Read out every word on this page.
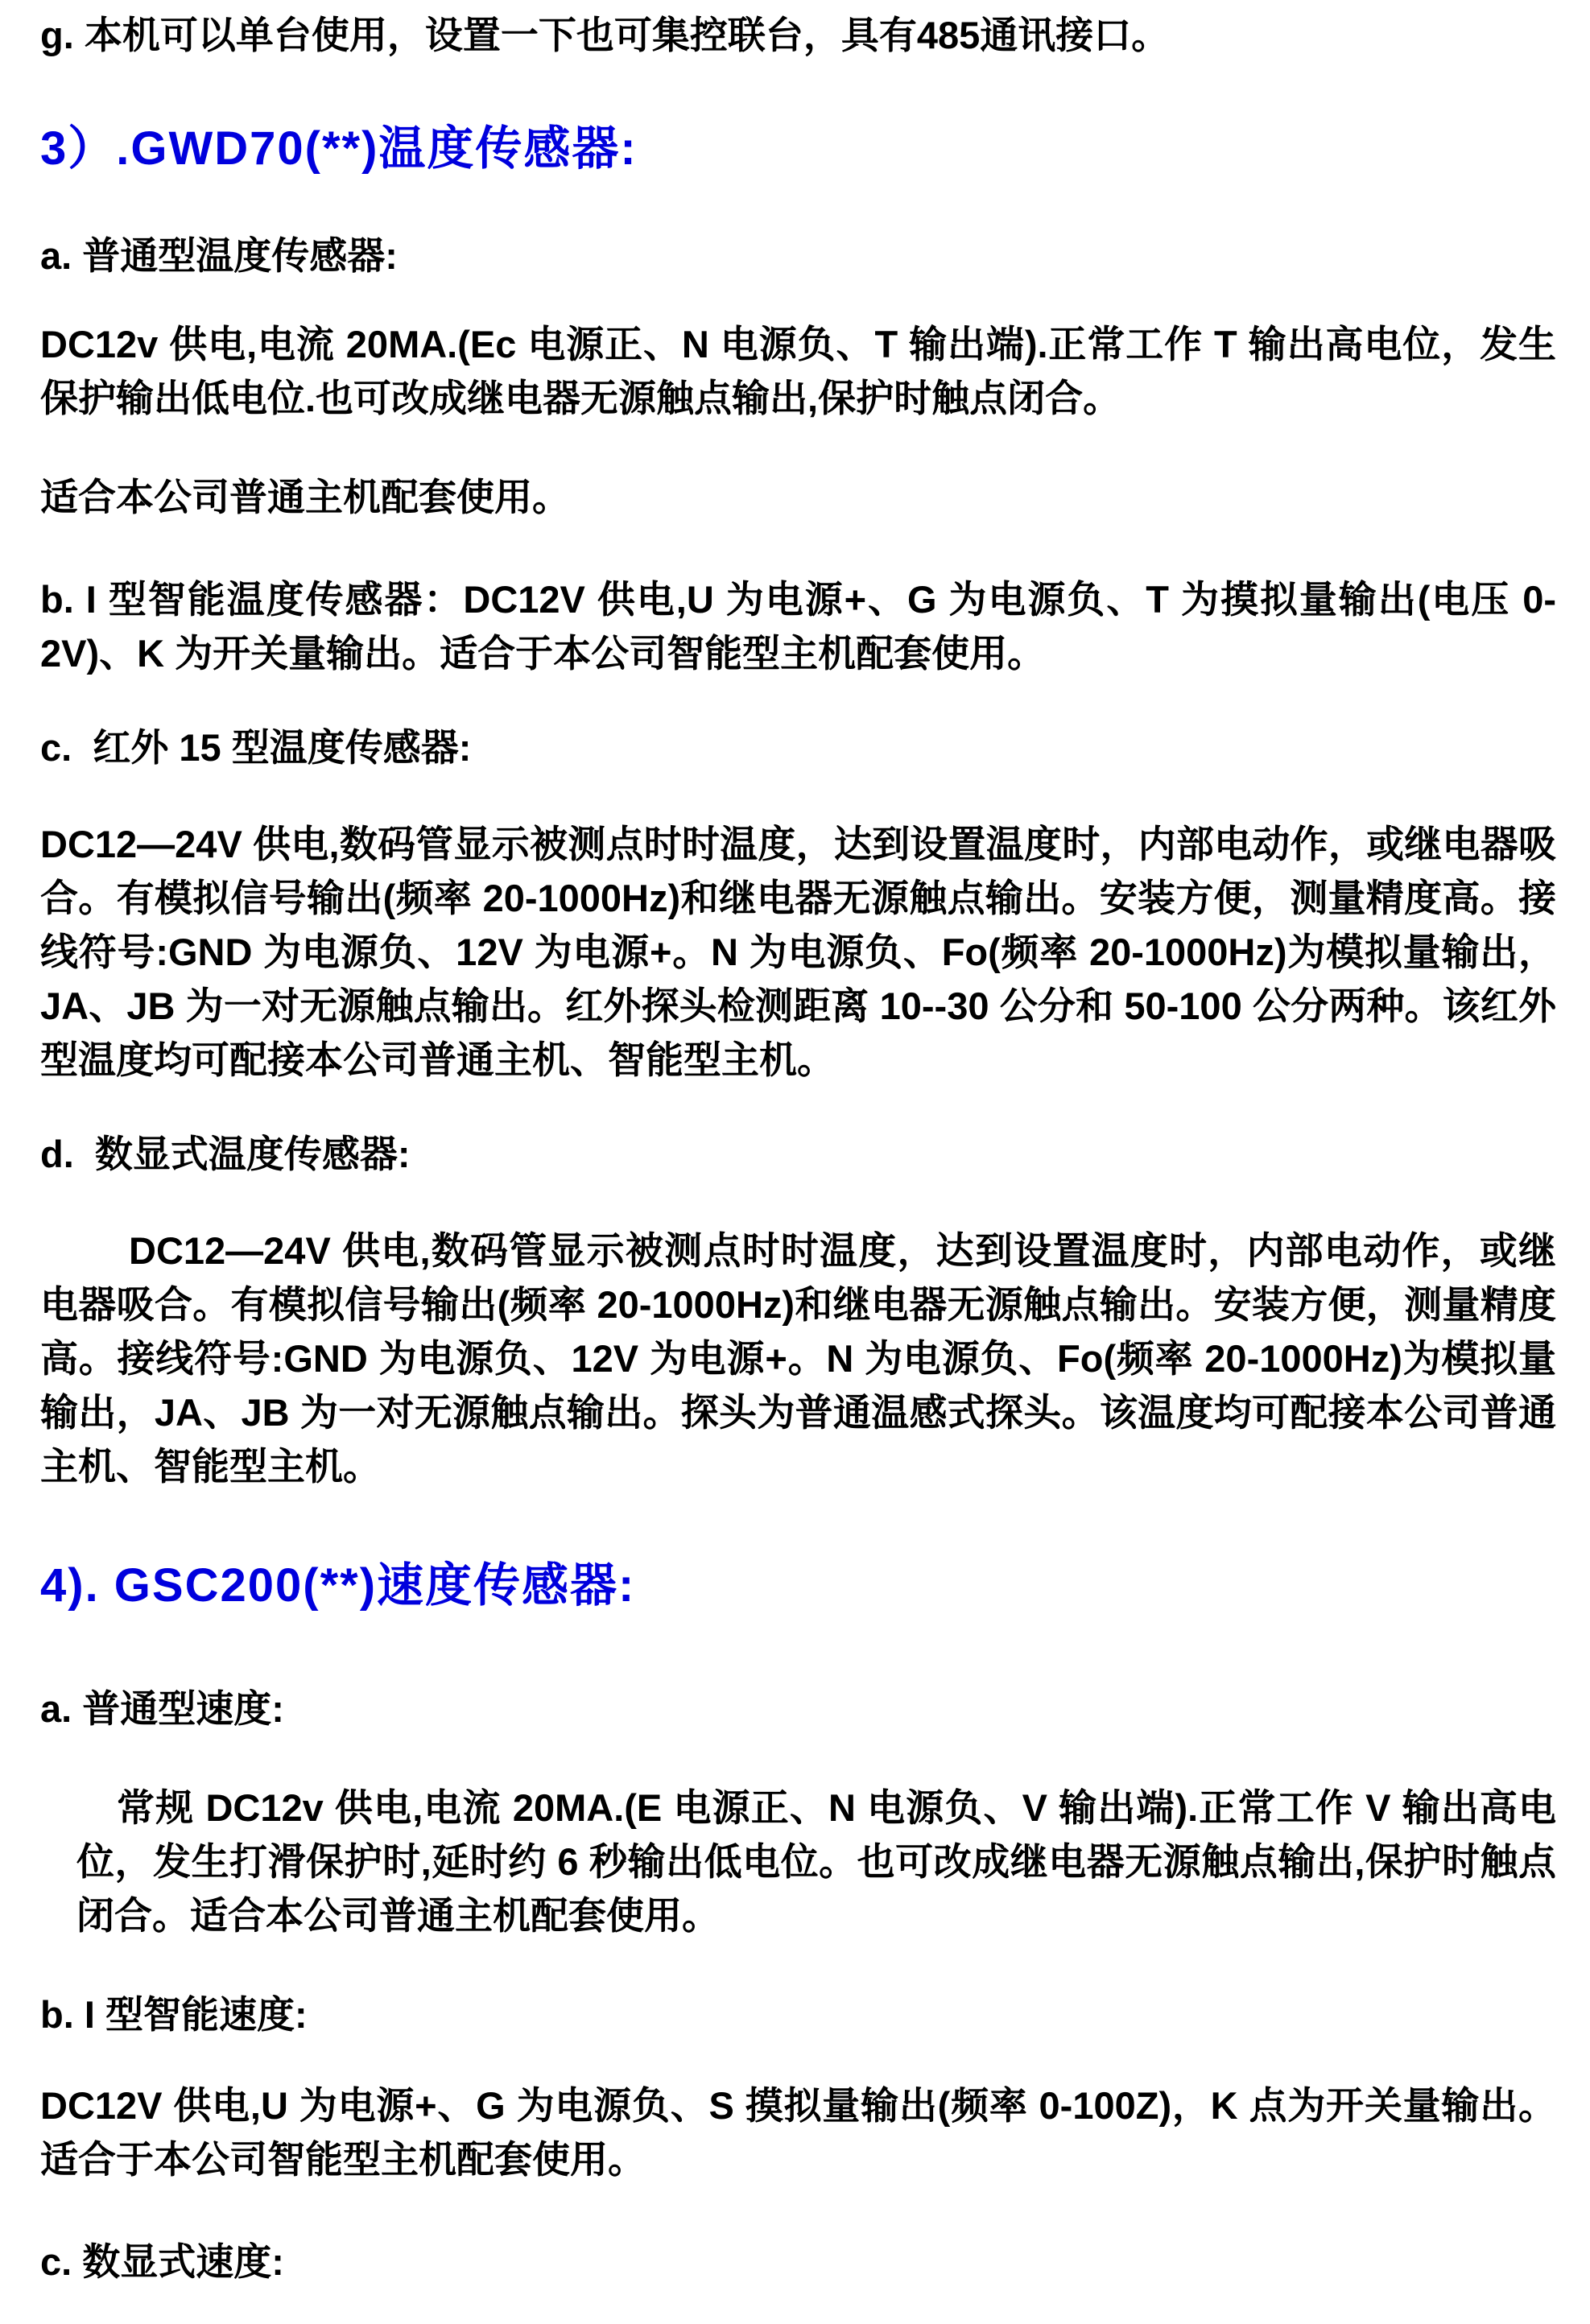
g. 本机可以单台使用，设置一下也可集控联台，具有485通讯接口。

3）.GWD70(**)温度传感器:

a. 普通型温度传感器:

DC12v 供电,电流 20MA.(Ec 电源正、N 电源负、T 输出端).正常工作 T 输出高电位，发生保护输出低电位.也可改成继电器无源触点输出,保护时触点闭合。

适合本公司普通主机配套使用。

b. I 型智能温度传感器：DC12V 供电,U 为电源+、G 为电源负、T 为摸拟量输出(电压 0-2V)、K 为开关量输出。适合于本公司智能型主机配套使用。

c.  红外 15 型温度传感器:

DC12—24V 供电,数码管显示被测点时时温度，达到设置温度时，内部电动作，或继电器吸合。有模拟信号输出(频率 20-1000Hz)和继电器无源触点输出。安装方便，测量精度高。接线符号:GND 为电源负、12V 为电源+。N 为电源负、Fo(频率 20-1000Hz)为模拟量输出，JA、JB 为一对无源触点输出。红外探头检测距离 10--30 公分和 50-100 公分两种。该红外型温度均可配接本公司普通主机、智能型主机。

d.  数显式温度传感器:

DC12—24V 供电,数码管显示被测点时时温度，达到设置温度时，内部电动作，或继电器吸合。有模拟信号输出(频率 20-1000Hz)和继电器无源触点输出。安装方便，测量精度高。接线符号:GND 为电源负、12V 为电源+。N 为电源负、Fo(频率 20-1000Hz)为模拟量输出，JA、JB 为一对无源触点输出。探头为普通温感式探头。该温度均可配接本公司普通主机、智能型主机。

4). GSC200(**)速度传感器:

a. 普通型速度:

常规 DC12v 供电,电流 20MA.(E 电源正、N 电源负、V 输出端).正常工作 V 输出高电位，发生打滑保护时,延时约 6 秒输出低电位。也可改成继电器无源触点输出,保护时触点闭合。适合本公司普通主机配套使用。

b. I 型智能速度:

DC12V 供电,U 为电源+、G 为电源负、S 摸拟量输出(频率 0-100Z)，K 点为开关量输出。适合于本公司智能型主机配套使用。

c. 数显式速度:
